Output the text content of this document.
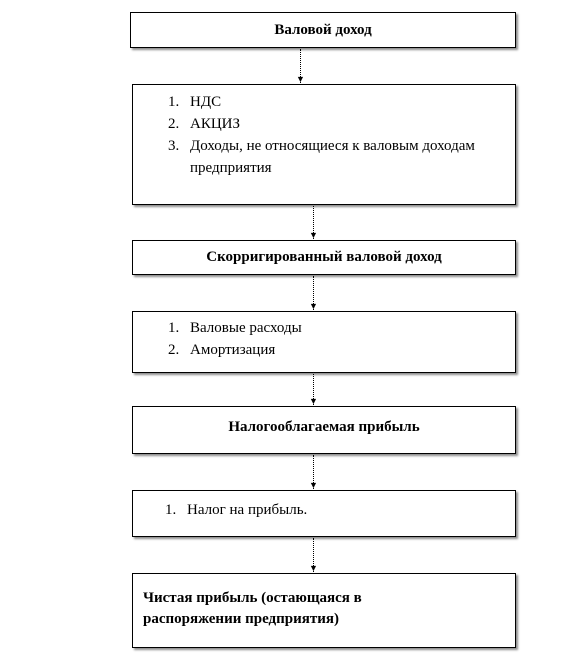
Валовой доход
▼
1. НДС
2. АКЦИЗ
3. Доходы, не относящиеся к валовым доходам предприятия
▼
Скорригированный валовой доход
▼
1. Валовые расходы
2. Амортизация
▼
Налогооблагаемая прибыль
▼
1. Налог на прибыль.
▼
Чистая прибыль (остающаяся в распоряжении предприятия)
